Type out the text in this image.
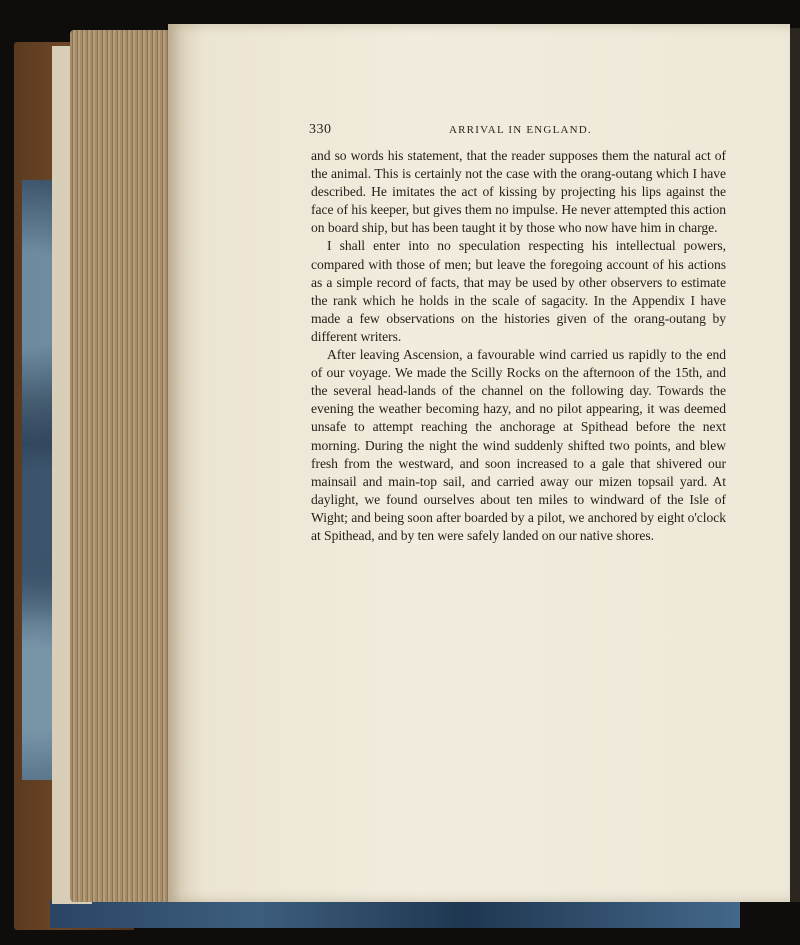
330	ARRIVAL IN ENGLAND.

and so words his statement, that the reader supposes them the natural act of the animal. This is certainly not the case with the orang-outang which I have described. He imitates the act of kissing by projecting his lips against the face of his keeper, but gives them no impulse. He never attempted this action on board ship, but has been taught it by those who now have him in charge.

I shall enter into no speculation respecting his intellectual powers, compared with those of men; but leave the foregoing account of his actions as a simple record of facts, that may be used by other observers to estimate the rank which he holds in the scale of sagacity. In the Appendix I have made a few observations on the histories given of the orang-outang by different writers.

After leaving Ascension, a favourable wind carried us rapidly to the end of our voyage. We made the Scilly Rocks on the afternoon of the 15th, and the several head-lands of the channel on the following day. Towards the evening the weather becoming hazy, and no pilot appearing, it was deemed unsafe to attempt reaching the anchorage at Spithead before the next morning. During the night the wind suddenly shifted two points, and blew fresh from the westward, and soon increased to a gale that shivered our mainsail and main-top sail, and carried away our mizen topsail yard. At daylight, we found ourselves about ten miles to windward of the Isle of Wight; and being soon after boarded by a pilot, we anchored by eight o'clock at Spithead, and by ten were safely landed on our native shores.
